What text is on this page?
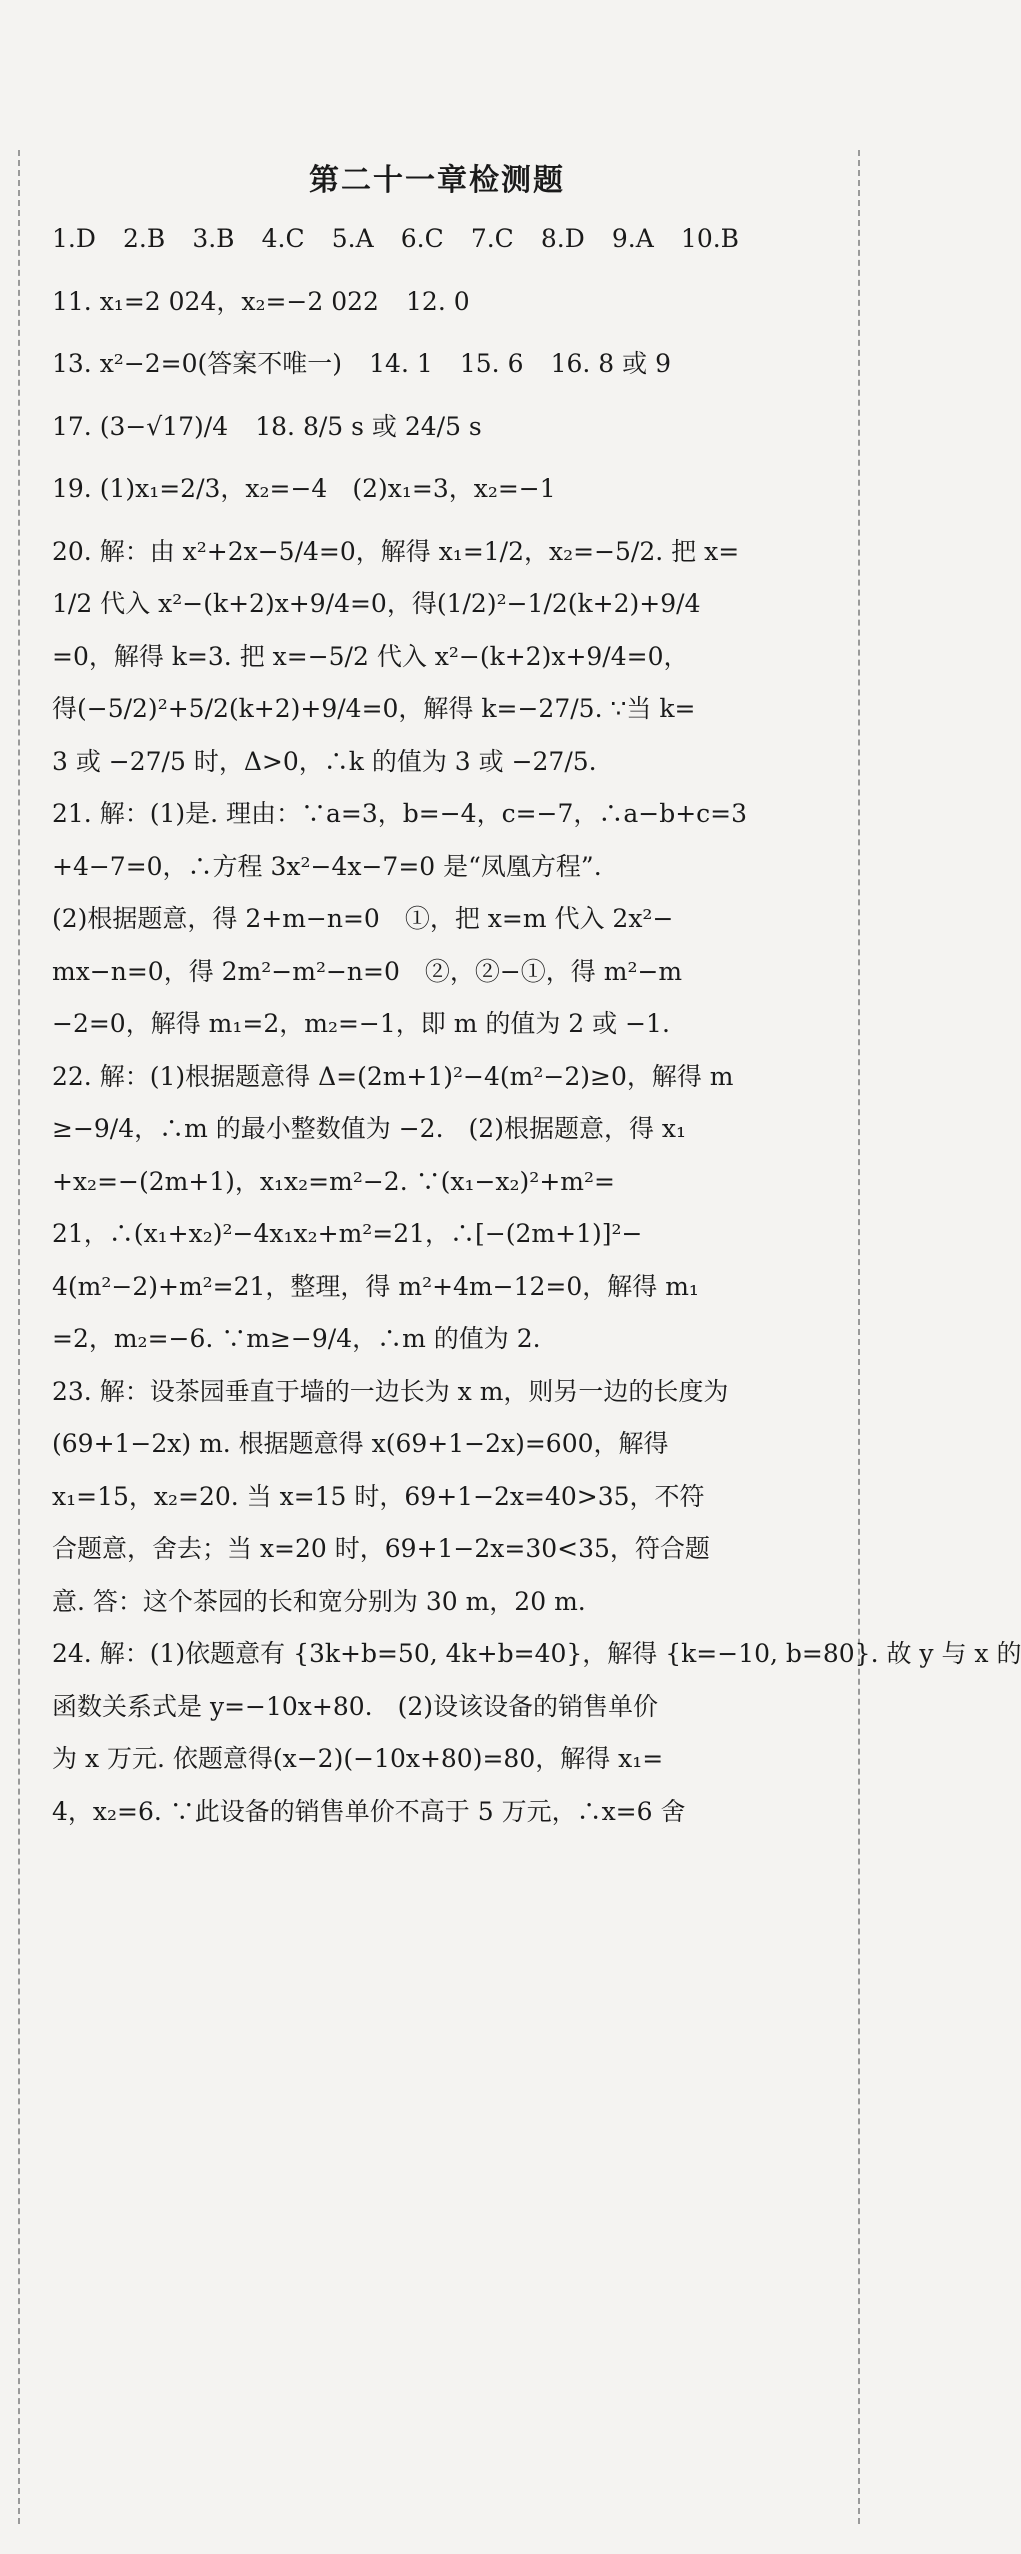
第二十一章检测题
1.D 2.B 3.B 4.C 5.A 6.C 7.C 8.D 9.A 10.B
11. x₁=2 024，x₂=−2 022 12. 0
13. x²−2=0(答案不唯一) 14. 1 15. 6 16. 8 或 9
17. (3−√17)/4 18. 8/5 s 或 24/5 s
19. (1)x₁=2/3，x₂=−4　(2)x₁=3，x₂=−1
20. 解：由 x²+2x−5/4=0，解得 x₁=1/2，x₂=−5/2. 把 x=
1/2 代入 x²−(k+2)x+9/4=0，得(1/2)²−1/2(k+2)+9/4
=0，解得 k=3. 把 x=−5/2 代入 x²−(k+2)x+9/4=0，
得(−5/2)²+5/2(k+2)+9/4=0，解得 k=−27/5. ∵当 k=
3 或 −27/5 时，Δ>0，∴k 的值为 3 或 −27/5.
21. 解：(1)是. 理由：∵a=3，b=−4，c=−7，∴a−b+c=3
+4−7=0，∴方程 3x²−4x−7=0 是“凤凰方程”.
(2)根据题意，得 2+m−n=0　①，把 x=m 代入 2x²−
mx−n=0，得 2m²−m²−n=0　②，②−①，得 m²−m
−2=0，解得 m₁=2，m₂=−1，即 m 的值为 2 或 −1.
22. 解：(1)根据题意得 Δ=(2m+1)²−4(m²−2)≥0，解得 m
≥−9/4，∴m 的最小整数值为 −2.　(2)根据题意，得 x₁
+x₂=−(2m+1)，x₁x₂=m²−2. ∵(x₁−x₂)²+m²=
21，∴(x₁+x₂)²−4x₁x₂+m²=21，∴[−(2m+1)]²−
4(m²−2)+m²=21，整理，得 m²+4m−12=0，解得 m₁
=2，m₂=−6. ∵m≥−9/4，∴m 的值为 2.
23. 解：设茶园垂直于墙的一边长为 x m，则另一边的长度为
(69+1−2x) m. 根据题意得 x(69+1−2x)=600，解得
x₁=15，x₂=20. 当 x=15 时，69+1−2x=40>35，不符
合题意，舍去；当 x=20 时，69+1−2x=30<35，符合题
意. 答：这个茶园的长和宽分别为 30 m，20 m.
24. 解：(1)依题意有 {3k+b=50, 4k+b=40}，解得 {k=−10, b=80}. 故 y 与 x 的
函数关系式是 y=−10x+80.　(2)设该设备的销售单价
为 x 万元. 依题意得(x−2)(−10x+80)=80，解得 x₁=
4，x₂=6. ∵此设备的销售单价不高于 5 万元，∴x=6 舍
